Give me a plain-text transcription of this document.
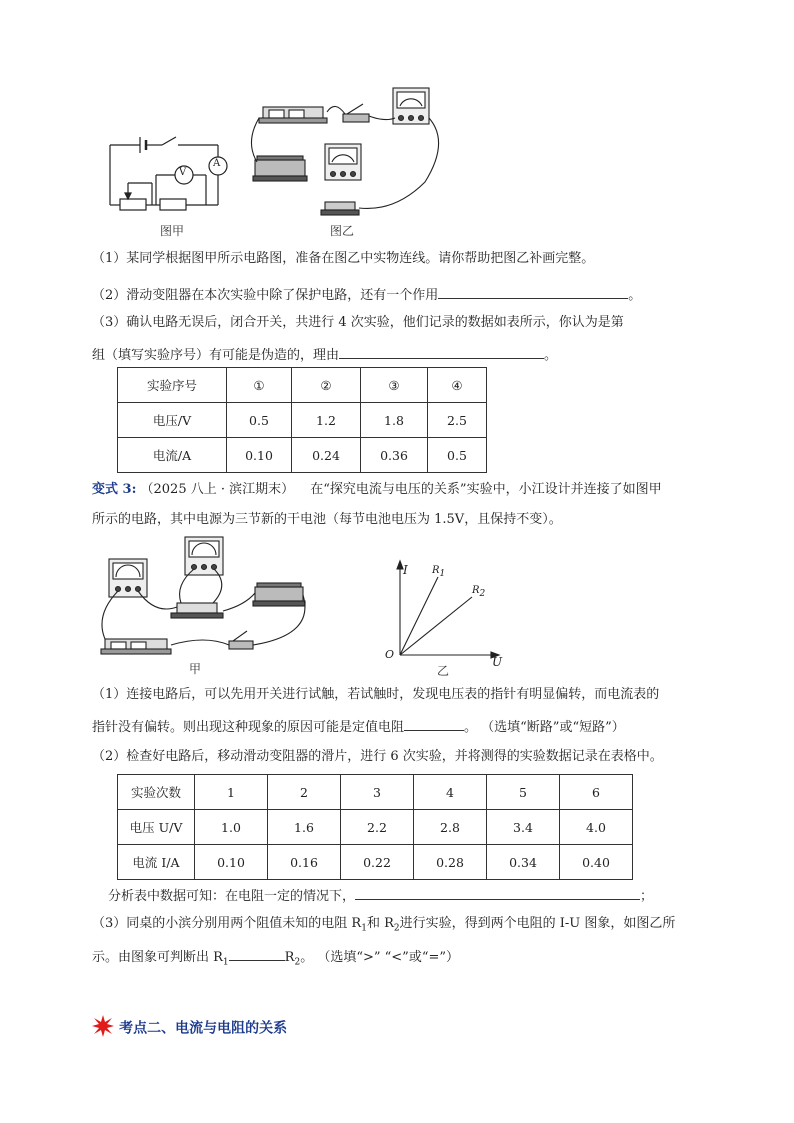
V
A
图甲	图乙
（1）某同学根据图甲所示电路图，准备在图乙中实物连线。请你帮助把图乙补画完整。
（2）滑动变阻器在本次实验中除了保护电路，还有一个作用	。
（3）确认电路无误后，闭合开关，共进行 4 次实验，他们记录的数据如表所示，你认为是第
组（填写实验序号）有可能是伪造的，理由	。
实验序号	①	②	③	④
电压/V	0.5	1.2	1.8	2.5
电流/A	0.10	0.24	0.36	0.5
变式 3: （2025 八上 · 滨江期末） 在“探究电流与电压的关系”实验中，小江设计并连接了如图甲
所示的电路，其中电源为三节新的干电池（每节电池电压为 1.5V，且保持不变）。
甲
I
U
O
$R_1$
$R_2$
乙
（1）连接电路后，可以先用开关进行试触，若试触时，发现电压表的指针有明显偏转，而电流表的
指针没有偏转。则出现这种现象的原因可能是定值电阻	。 （选填“断路”或“短路”）
（2）检查好电路后，移动滑动变阻器的滑片，进行 6 次实验，并将测得的实验数据记录在表格中。
实验次数	1	2	3	4	5	6
电压 U/V	1.0	1.6	2.2	2.8	3.4	4.0
电流 I/A	0.10	0.16	0.22	0.28	0.34	0.40
分析表中数据可知：在电阻一定的情况下，	；
（3）同桌的小滨分别用两个阻值未知的电阻 $R_1$和 $R_2$进行实验，得到两个电阻的 I-U 图象，如图乙所
示。由图象可判断出 $R_1$	$R_2$。 （选填“>” “<”或“=”）
考点二、电流与电阻的关系
